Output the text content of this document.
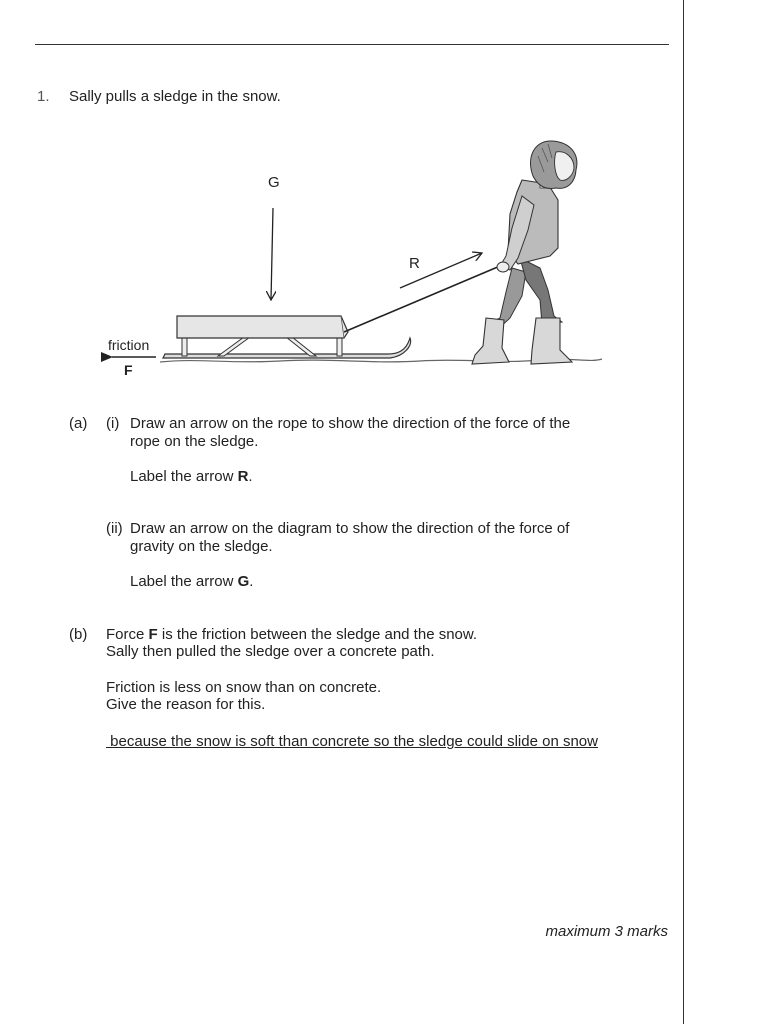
1. Sally pulls a sledge in the snow.
G
R
friction
F
(a) (i) Draw an arrow on the rope to show the direction of the force of the
rope on the sledge.
Label the arrow R.
(ii) Draw an arrow on the diagram to show the direction of the force of
gravity on the sledge.
Label the arrow G.
(b) Force F is the friction between the sledge and the snow.
Sally then pulled the sledge over a concrete path.
Friction is less on snow than on concrete.
Give the reason for this.
because the snow is soft than concrete so the sledge could slide on snow
maximum 3 marks
